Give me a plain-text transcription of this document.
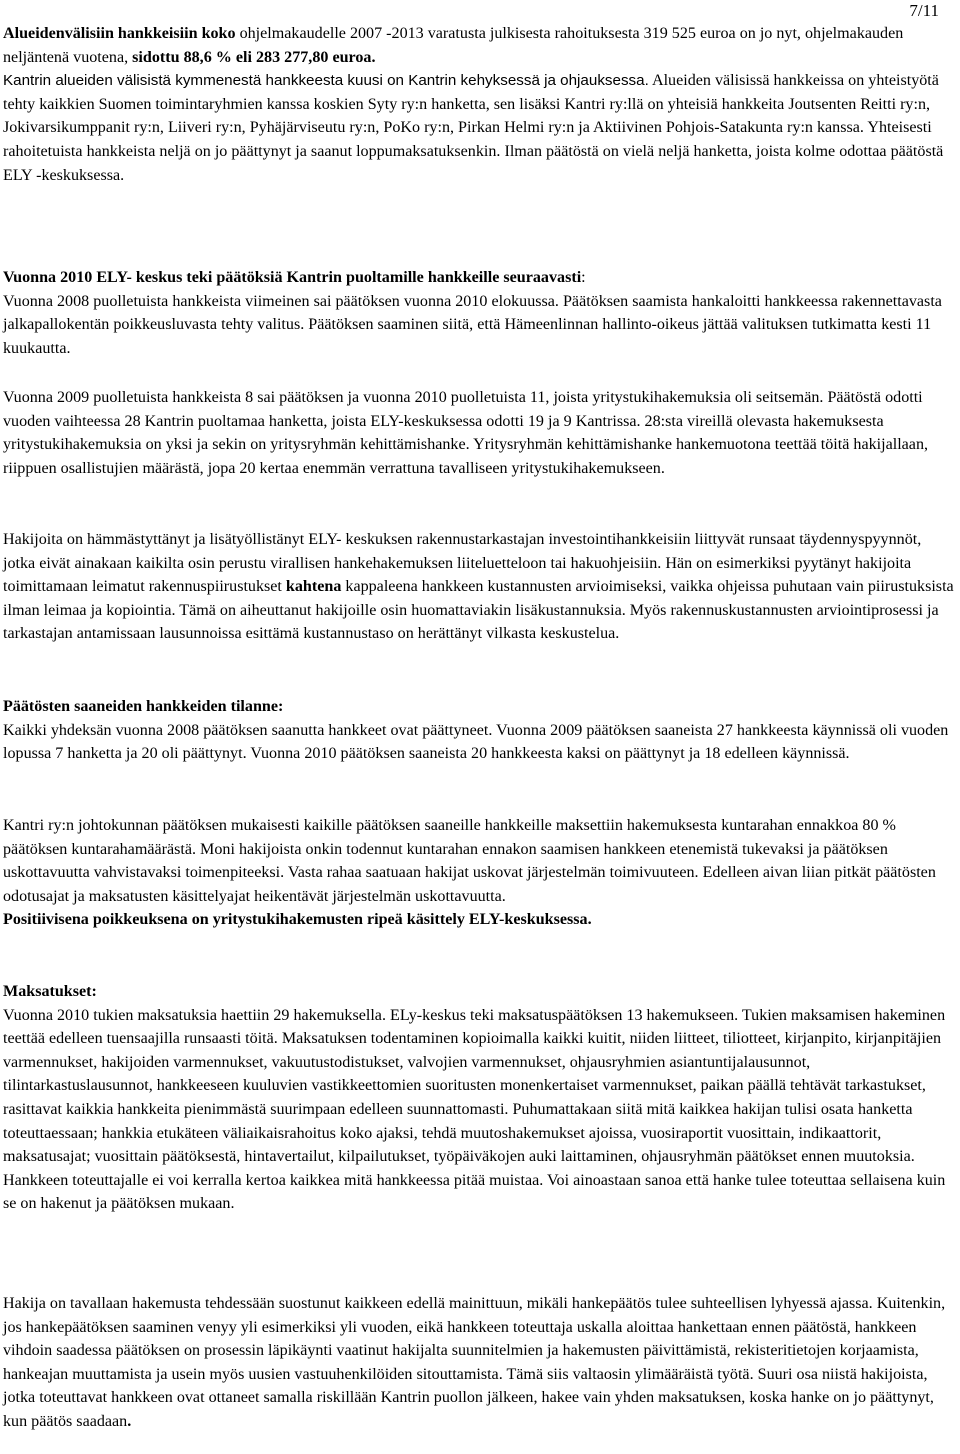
7/11

Alueidenvälisiin hankkeisiin koko ohjelmakaudelle 2007 -2013 varatusta julkisesta rahoituksesta 319 525 euroa on jo nyt, ohjelmakauden neljäntenä vuotena, sidottu 88,6 % eli 283 277,80 euroa.
Kantrin alueiden välisistä kymmenestä hankkeesta kuusi on Kantrin kehyksessä ja ohjauksessa. Alueiden välisissä hankkeissa on yhteistyötä tehty kaikkien Suomen toimintaryhmien kanssa koskien Syty ry:n hanketta, sen lisäksi Kantri ry:llä on yhteisiä hankkeita Joutsenten Reitti ry:n, Jokivarsikumppanit ry:n, Liiveri ry:n, Pyhäjärviseutu ry:n, PoKo ry:n, Pirkan Helmi ry:n ja Aktiivinen Pohjois-Satakunta ry:n kanssa. Yhteisesti rahoitetuista hankkeista neljä on jo päättynyt ja saanut loppumaksatuksenkin. Ilman päätöstä on vielä neljä hanketta, joista kolme odottaa päätöstä ELY -keskuksessa.

Vuonna 2010 ELY- keskus teki päätöksiä Kantrin puoltamille hankkeille seuraavasti:
Vuonna 2008 puolletuista hankkeista viimeinen sai päätöksen vuonna 2010 elokuussa. Päätöksen saamista hankaloitti hankkeessa rakennettavasta jalkapallokentän poikkeusluvasta tehty valitus. Päätöksen saaminen siitä, että Hämeenlinnan hallinto-oikeus jättää valituksen tutkimatta kesti 11 kuukautta.

Vuonna 2009 puolletuista hankkeista 8 sai päätöksen ja vuonna 2010 puolletuista 11, joista yritystukihakemuksia oli seitsemän. Päätöstä odotti vuoden vaihteessa 28 Kantrin puoltamaa hanketta, joista ELY-keskuksessa odotti 19 ja 9 Kantrissa. 28:sta vireillä olevasta hakemuksesta yritystukihakemuksia on yksi ja sekin on yritysryhmän kehittämishanke. Yritysryhmän kehittämishanke hankemuotona teettää töitä hakijallaan, riippuen osallistujien määrästä, jopa 20 kertaa enemmän verrattuna tavalliseen yritystukihakemukseen.

Hakijoita on hämmästyttänyt ja lisätyöllistänyt ELY- keskuksen rakennustarkastajan investointihankkeisiin liittyvät runsaat täydennyspyynnöt, jotka eivät ainakaan kaikilta osin perustu virallisen hankehakemuksen liiteluetteloon tai hakuohjeisiin. Hän on esimerkiksi pyytänyt hakijoita toimittamaan leimatut rakennuspiirustukset kahtena kappaleena hankkeen kustannusten arvioimiseksi, vaikka ohjeissa puhutaan vain piirustuksista ilman leimaa ja kopiointia. Tämä on aiheuttanut hakijoille osin huomattaviakin lisäkustannuksia. Myös rakennuskustannusten arviointiprosessi ja tarkastajan antamissaan lausunnoissa esittämä kustannustaso on herättänyt vilkasta keskustelua.

Päätösten saaneiden hankkeiden tilanne:
Kaikki yhdeksän vuonna 2008 päätöksen saanutta hankkeet ovat päättyneet. Vuonna 2009 päätöksen saaneista 27 hankkeesta käynnissä oli vuoden lopussa 7 hanketta ja 20 oli päättynyt. Vuonna 2010 päätöksen saaneista 20 hankkeesta kaksi on päättynyt ja 18 edelleen käynnissä.

Kantri ry:n johtokunnan päätöksen mukaisesti kaikille päätöksen saaneille hankkeille maksettiin hakemuksesta kuntarahan ennakkoa 80 % päätöksen kuntarahamäärästä. Moni hakijoista onkin todennut kuntarahan ennakon saamisen hankkeen etenemistä tukevaksi ja päätöksen uskottavuutta vahvistavaksi toimenpiteeksi. Vasta rahaa saatuaan hakijat uskovat järjestelmän toimivuuteen. Edelleen aivan liian pitkät päätösten odotusajat ja maksatusten käsittelyajat heikentävät järjestelmän uskottavuutta.
Positiivisena poikkeuksena on yritystukihakemusten ripeä käsittely ELY-keskuksessa.

Maksatukset:
Vuonna 2010 tukien maksatuksia haettiin 29 hakemuksella. ELy-keskus teki maksatuspäätöksen 13 hakemukseen. Tukien maksamisen hakeminen teettää edelleen tuensaajilla runsaasti töitä. Maksatuksen todentaminen kopioimalla kaikki kuitit, niiden liitteet, tiliotteet, kirjanpito, kirjanpitäjien varmennukset, hakijoiden varmennukset, vakuutustodistukset, valvojien varmennukset, ohjausryhmien asiantuntijalausunnot, tilintarkastuslausunnot, hankkeeseen kuuluvien vastikkeettomien suoritusten monenkertaiset varmennukset, paikan päällä tehtävät tarkastukset, rasittavat kaikkia hankkeita pienimmästä suurimpaan edelleen suunnattomasti. Puhumattakaan siitä mitä kaikkea hakijan tulisi osata hanketta toteuttaessaan; hankkia etukäteen väliaikaisrahoitus koko ajaksi, tehdä muutoshakemukset ajoissa, vuosiraportit vuosittain, indikaattorit, maksatusajat; vuosittain päätöksestä, hintavertailut, kilpailutukset, työpäiväkojen auki laittaminen, ohjausryhmän päätökset ennen muutoksia.
Hankkeen toteuttajalle ei voi kerralla kertoa kaikkea mitä hankkeessa pitää muistaa. Voi ainoastaan sanoa että hanke tulee toteuttaa sellaisena kuin se on hakenut ja päätöksen mukaan.

Hakija on tavallaan hakemusta tehdessään suostunut kaikkeen edellä mainittuun, mikäli hankepäätös tulee suhteellisen lyhyessä ajassa. Kuitenkin, jos hankepäätöksen saaminen venyy yli esimerkiksi yli vuoden, eikä hankkeen toteuttaja uskalla aloittaa hankettaan ennen päätöstä, hankkeen vihdoin saadessa päätöksen on prosessin läpikäynti vaatinut hakijalta suunnitelmien ja hakemusten päivittämistä, rekisteritietojen korjaamista, hankeajan muuttamista ja usein myös uusien vastuuhenkilöiden sitouttamista. Tämä siis valtaosin ylimääräistä työtä. Suuri osa niistä hakijoista, jotka toteuttavat hankkeen ovat ottaneet samalla riskillään Kantrin puollon jälkeen, hakee vain yhden maksatuksen, koska hanke on jo päättynyt, kun päätös saadaan.
